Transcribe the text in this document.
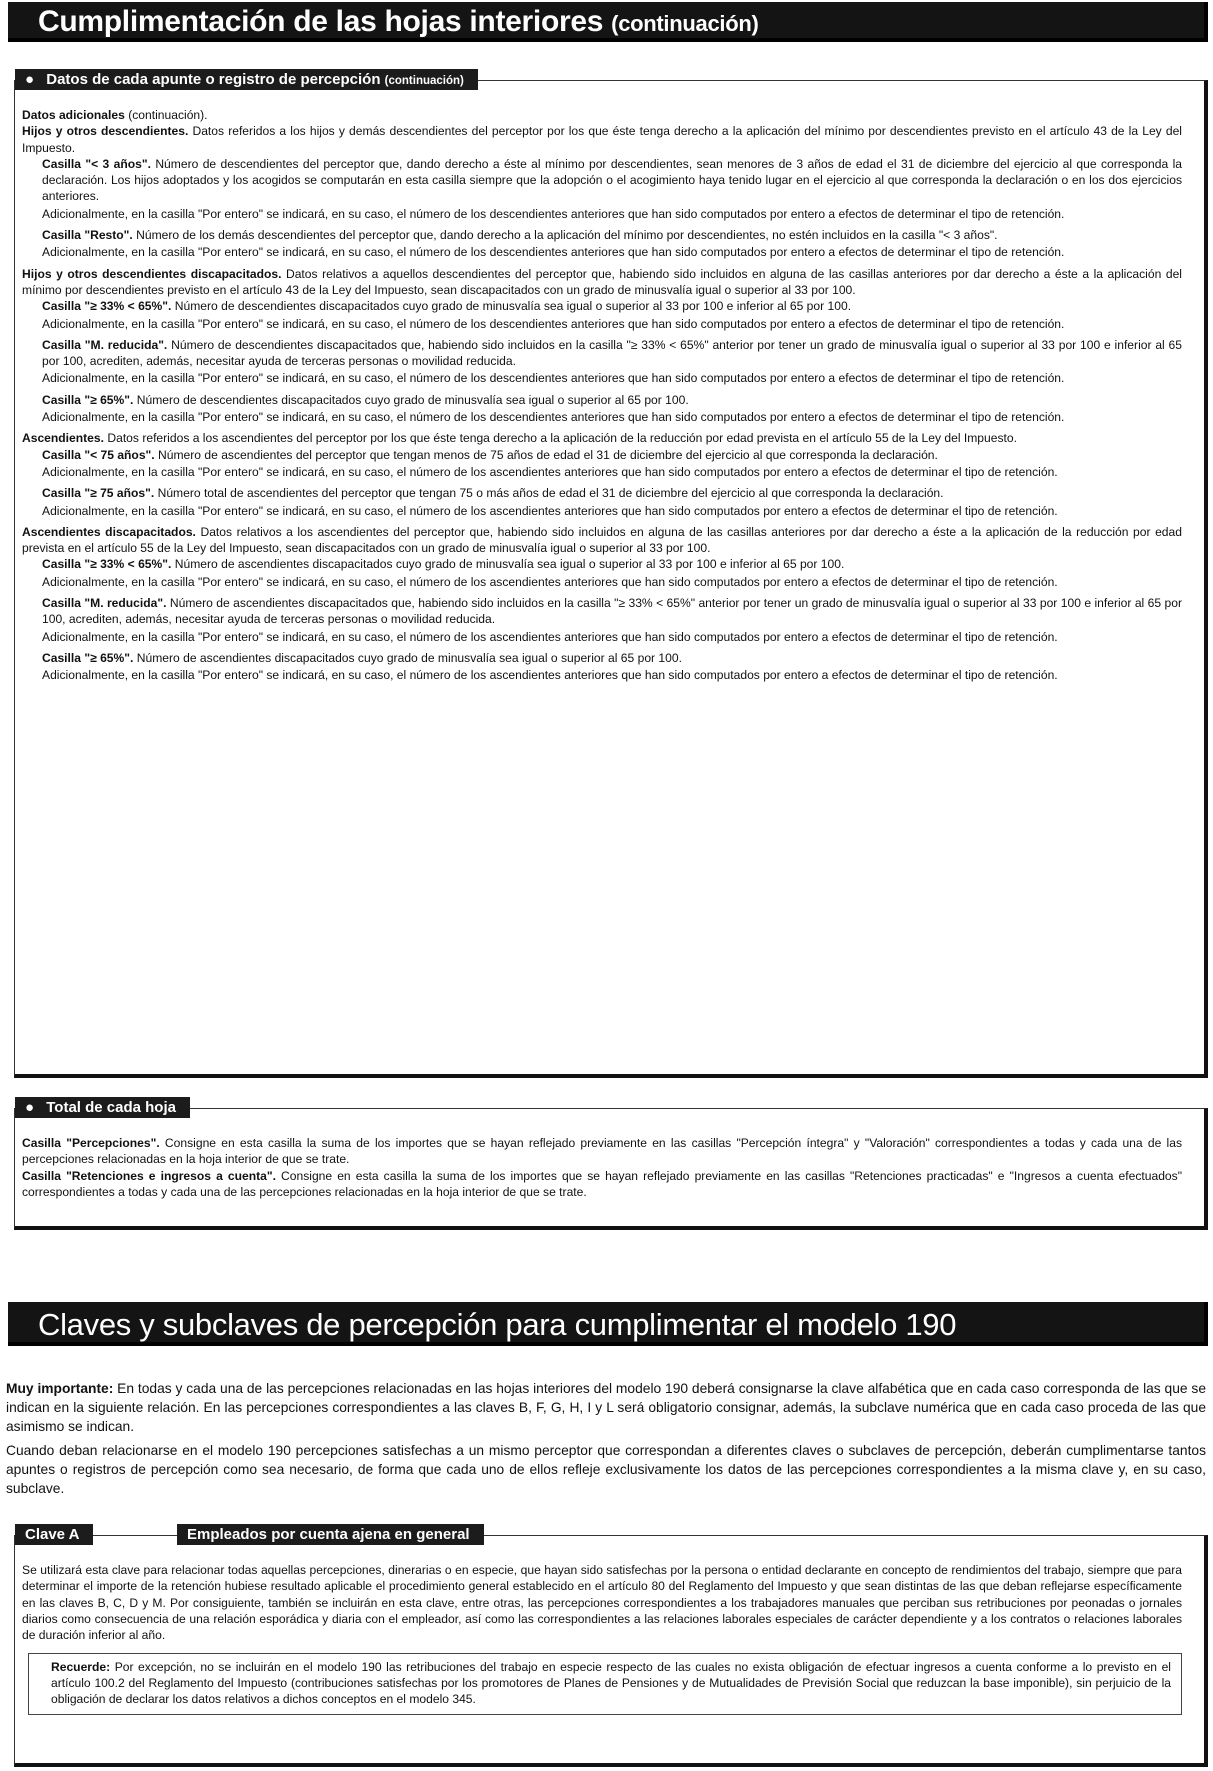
Cumplimentación de las hojas interiores (continuación)
● Datos de cada apunte o registro de percepción (continuación)

Datos adicionales (continuación).

Hijos y otros descendientes. Datos referidos a los hijos y demás descendientes del perceptor por los que éste tenga derecho a la aplicación del mínimo por descendientes previsto en el artículo 43 de la Ley del Impuesto.

Casilla "< 3 años". Número de descendientes del perceptor que, dando derecho a éste al mínimo por descendientes, sean menores de 3 años de edad el 31 de diciembre del ejercicio al que corresponda la declaración. Los hijos adoptados y los acogidos se computarán en esta casilla siempre que la adopción o el acogimiento haya tenido lugar en el ejercicio al que corresponda la declaración o en los dos ejercicios anteriores.

Adicionalmente, en la casilla "Por entero" se indicará, en su caso, el número de los descendientes anteriores que han sido computados por entero a efectos de determinar el tipo de retención.

Casilla "Resto". Número de los demás descendientes del perceptor que, dando derecho a la aplicación del mínimo por descendientes, no estén incluidos en la casilla "< 3 años".

Adicionalmente, en la casilla "Por entero" se indicará, en su caso, el número de los descendientes anteriores que han sido computados por entero a efectos de determinar el tipo de retención.

Hijos y otros descendientes discapacitados. Datos relativos a aquellos descendientes del perceptor que, habiendo sido incluidos en alguna de las casillas anteriores por dar derecho a éste a la aplicación del mínimo por descendientes previsto en el artículo 43 de la Ley del Impuesto, sean discapacitados con un grado de minusvalía igual o superior al 33 por 100.

Casilla "≥ 33% < 65%". Número de descendientes discapacitados cuyo grado de minusvalía sea igual o superior al 33 por 100 e inferior al 65 por 100.

Adicionalmente, en la casilla "Por entero" se indicará, en su caso, el número de los descendientes anteriores que han sido computados por entero a efectos de determinar el tipo de retención.

Casilla "M. reducida". Número de descendientes discapacitados que, habiendo sido incluidos en la casilla "≥ 33% < 65%" anterior por tener un grado de minusvalía igual o superior al 33 por 100 e inferior al 65 por 100, acrediten, además, necesitar ayuda de terceras personas o movilidad reducida.

Adicionalmente, en la casilla "Por entero" se indicará, en su caso, el número de los descendientes anteriores que han sido computados por entero a efectos de determinar el tipo de retención.

Casilla "≥ 65%". Número de descendientes discapacitados cuyo grado de minusvalía sea igual o superior al 65 por 100.

Adicionalmente, en la casilla "Por entero" se indicará, en su caso, el número de los descendientes anteriores que han sido computados por entero a efectos de determinar el tipo de retención.

Ascendientes. Datos referidos a los ascendientes del perceptor por los que éste tenga derecho a la aplicación de la reducción por edad prevista en el artículo 55 de la Ley del Impuesto.

Casilla "< 75 años". Número de ascendientes del perceptor que tengan menos de 75 años de edad el 31 de diciembre del ejercicio al que corresponda la declaración.

Adicionalmente, en la casilla "Por entero" se indicará, en su caso, el número de los ascendientes anteriores que han sido computados por entero a efectos de determinar el tipo de retención.

Casilla "≥ 75 años". Número total de ascendientes del perceptor que tengan 75 o más años de edad el 31 de diciembre del ejercicio al que corresponda la declaración.

Adicionalmente, en la casilla "Por entero" se indicará, en su caso, el número de los ascendientes anteriores que han sido computados por entero a efectos de determinar el tipo de retención.

Ascendientes discapacitados. Datos relativos a los ascendientes del perceptor que, habiendo sido incluidos en alguna de las casillas anteriores por dar derecho a éste a la aplicación de la reducción por edad prevista en el artículo 55 de la Ley del Impuesto, sean discapacitados con un grado de minusvalía igual o superior al 33 por 100.

Casilla "≥ 33% < 65%". Número de ascendientes discapacitados cuyo grado de minusvalía sea igual o superior al 33 por 100 e inferior al 65 por 100.

Adicionalmente, en la casilla "Por entero" se indicará, en su caso, el número de los ascendientes anteriores que han sido computados por entero a efectos de determinar el tipo de retención.

Casilla "M. reducida". Número de ascendientes discapacitados que, habiendo sido incluidos en la casilla "≥ 33% < 65%" anterior por tener un grado de minusvalía igual o superior al 33 por 100 e inferior al 65 por 100, acrediten, además, necesitar ayuda de terceras personas o movilidad reducida.

Adicionalmente, en la casilla "Por entero" se indicará, en su caso, el número de los ascendientes anteriores que han sido computados por entero a efectos de determinar el tipo de retención.

Casilla "≥ 65%". Número de ascendientes discapacitados cuyo grado de minusvalía sea igual o superior al 65 por 100.

Adicionalmente, en la casilla "Por entero" se indicará, en su caso, el número de los ascendientes anteriores que han sido computados por entero a efectos de determinar el tipo de retención.

● Total de cada hoja

Casilla "Percepciones". Consigne en esta casilla la suma de los importes que se hayan reflejado previamente en las casillas "Percepción íntegra" y "Valoración" correspondientes a todas y cada una de las percepciones relacionadas en la hoja interior de que se trate.

Casilla "Retenciones e ingresos a cuenta". Consigne en esta casilla la suma de los importes que se hayan reflejado previamente en las casillas "Retenciones practicadas" e "Ingresos a cuenta efectuados" correspondientes a todas y cada una de las percepciones relacionadas en la hoja interior de que se trate.

Claves y subclaves de percepción para cumplimentar el modelo 190

Muy importante: En todas y cada una de las percepciones relacionadas en las hojas interiores del modelo 190 deberá consignarse la clave alfabética que en cada caso corresponda de las que se indican en la siguiente relación. En las percepciones correspondientes a las claves B, F, G, H, I y L será obligatorio consignar, además, la subclave numérica que en cada caso proceda de las que asimismo se indican.

Cuando deban relacionarse en el modelo 190 percepciones satisfechas a un mismo perceptor que correspondan a diferentes claves o subclaves de percepción, deberán cumplimentarse tantos apuntes o registros de percepción como sea necesario, de forma que cada uno de ellos refleje exclusivamente los datos de las percepciones correspondientes a la misma clave y, en su caso, subclave.

Clave A	Empleados por cuenta ajena en general

Se utilizará esta clave para relacionar todas aquellas percepciones, dinerarias o en especie, que hayan sido satisfechas por la persona o entidad declarante en concepto de rendimientos del trabajo, siempre que para determinar el importe de la retención hubiese resultado aplicable el procedimiento general establecido en el artículo 80 del Reglamento del Impuesto y que sean distintas de las que deban reflejarse específicamente en las claves B, C, D y M. Por consiguiente, también se incluirán en esta clave, entre otras, las percepciones correspondientes a los trabajadores manuales que perciban sus retribuciones por peonadas o jornales diarios como consecuencia de una relación esporádica y diaria con el empleador, así como las correspondientes a las relaciones laborales especiales de carácter dependiente y a los contratos o relaciones laborales de duración inferior al año.

Recuerde: Por excepción, no se incluirán en el modelo 190 las retribuciones del trabajo en especie respecto de las cuales no exista obligación de efectuar ingresos a cuenta conforme a lo previsto en el artículo 100.2 del Reglamento del Impuesto (contribuciones satisfechas por los promotores de Planes de Pensiones y de Mutualidades de Previsión Social que reduzcan la base imponible), sin perjuicio de la obligación de declarar los datos relativos a dichos conceptos en el modelo 345.
